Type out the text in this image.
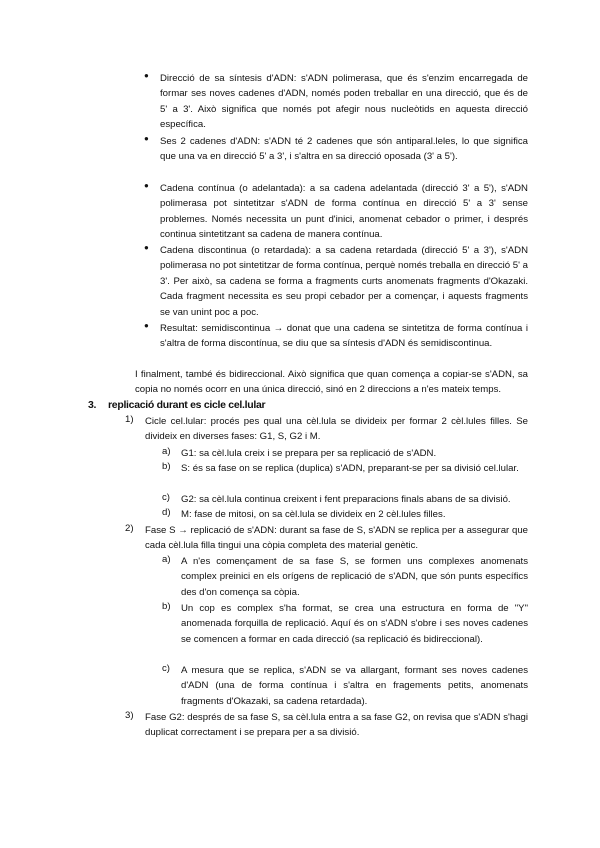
● Direcció de sa síntesis d'ADN: s'ADN polimerasa, que és s'enzim encarregada de formar ses noves cadenes d'ADN, només poden treballar en una direcció, que és de 5' a 3'. Això significa que només pot afegir nous nucleòtids en aquesta direcció específica.
● Ses 2 cadenes d'ADN: s'ADN té 2 cadenes que són antiparal.leles, lo que significa que una va en direcció 5' a 3', i s'altra en sa direcció oposada (3' a 5').
● Cadena contínua (o adelantada): a sa cadena adelantada (direcció 3' a 5'), s'ADN polimerasa pot sintetitzar s'ADN de forma contínua en direcció 5' a 3' sense problemes. Només necessita un punt d'inici, anomenat cebador o primer, i després continua sintetitzant sa cadena de manera contínua.
● Cadena discontinua (o retardada): a sa cadena retardada (direcció 5' a 3'), s'ADN polimerasa no pot sintetitzar de forma contínua, perquè només treballa en direcció 5' a 3'. Per això, sa cadena se forma a fragments curts anomenats fragments d'Okazaki. Cada fragment necessita es seu propi cebador per a començar, i aquests fragments se van unint poc a poc.
● Resultat: semidiscontinua → donat que una cadena se sintetitza de forma contínua i s'altra de forma discontínua, se diu que sa síntesis d'ADN és semidiscontinua.
I finalment, també és bidireccional. Això significa que quan comença a copiar-se s'ADN, sa copia no només ocorr en una única direcció, sinó en 2 direccions a n'es mateix temps.
3. replicació durant es cicle cel.lular
1) Cicle cel.lular: procés pes qual una cèl.lula se divideix per formar 2 cèl.lules filles. Se divideix en diverses fases: G1, S, G2 i M.
a) G1: sa cèl.lula creix i se prepara per sa replicació de s'ADN.
b) S: és sa fase on se replica (duplica) s'ADN, preparant-se per sa divisió cel.lular.
c) G2: sa cèl.lula continua creixent i fent preparacions finals abans de sa divisió.
d) M: fase de mitosi, on sa cèl.lula se divideix en 2 cèl.lules filles.
2) Fase S → replicació de s'ADN: durant sa fase de S, s'ADN se replica per a assegurar que cada cèl.lula filla tingui una còpia completa des material genètic.
a) A n'es començament de sa fase S, se formen uns complexes anomenats complex preinici en els orígens de replicació de s'ADN, que són punts específics des d'on comença sa còpia.
b) Un cop es complex s'ha format, se crea una estructura en forma de "Y" anomenada forquilla de replicació. Aquí és on s'ADN s'obre i ses noves cadenes se comencen a formar en cada direcció (sa replicació és bidireccional).
c) A mesura que se replica, s'ADN se va allargant, formant ses noves cadenes d'ADN (una de forma contínua i s'altra en fragements petits, anomenats fragments d'Okazaki, sa cadena retardada).
3) Fase G2: després de sa fase S, sa cèl.lula entra a sa fase G2, on revisa que s'ADN s'hagi duplicat correctament i se prepara per a sa divisió.
